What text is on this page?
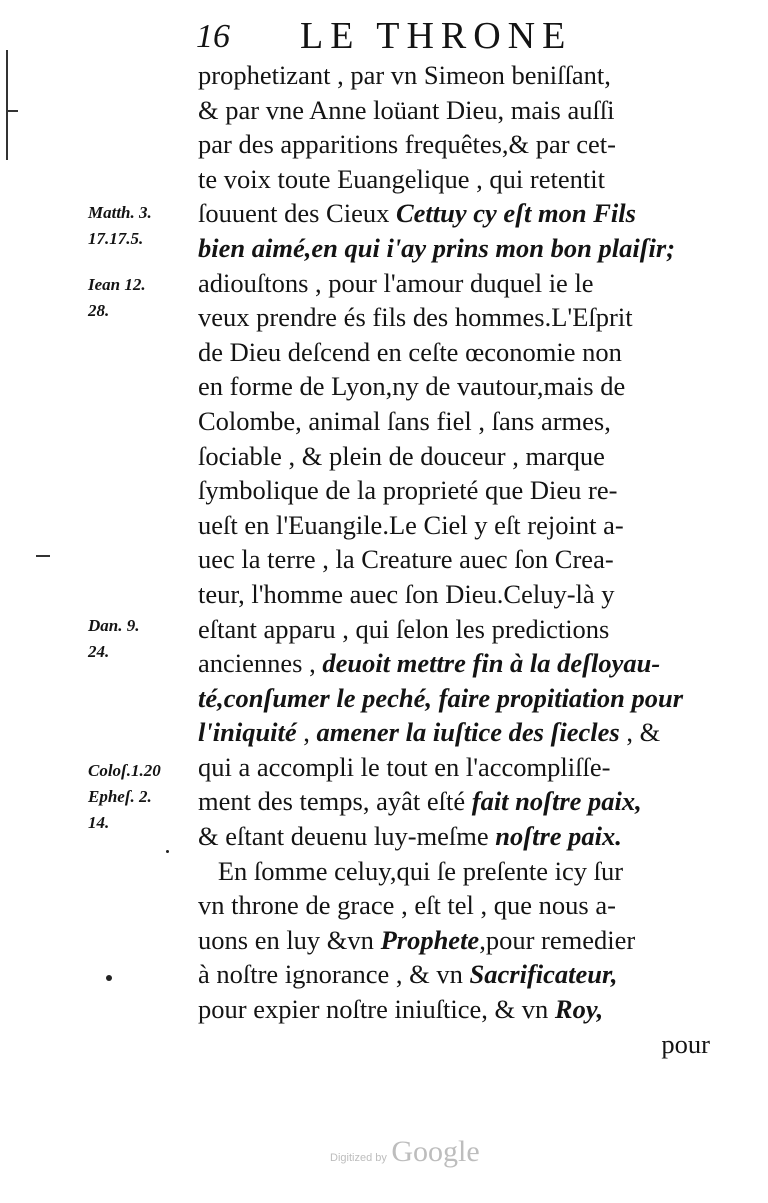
16 LE THRONE
prophetizant , par vn Simeon beniſſant,
& par vne Anne loüant Dieu, mais auſſi
par des apparitions frequêtes,& par cet-
te voix toute Euangelique , qui retentit
ſouuent des Cieux Cettuy cy eſt mon Fils
bien aimé,en qui i'ay prins mon bon plaiſir;
adiouſtons , pour l'amour duquel ie le
veux prendre és fils des hommes.L'Eſprit
de Dieu deſcend en ceſte œconomie non
en forme de Lyon,ny de vautour,mais de
Colombe, animal ſans fiel , ſans armes,
ſociable , & plein de douceur , marque
ſymbolique de la proprieté que Dieu re-
ueſt en l'Euangile.Le Ciel y eſt rejoint a-
uec la terre , la Creature auec ſon Crea-
teur, l'homme auec ſon Dieu.Celuy-là y
eſtant apparu , qui ſelon les predictions
anciennes , deuoit mettre fin à la deſloyau-
té,conſumer le peché, faire propitiation pour
l'iniquité , amener la iuſtice des ſiecles , &
qui a accompli le tout en l'accompliſſe-
ment des temps, ayât eſté fait noſtre paix,
& eſtant deuenu luy-meſme noſtre paix.
En ſomme celuy,qui ſe preſente icy ſur
vn throne de grace , eſt tel , que nous a-
uons en luy &vn Prophete,pour remedier
à noſtre ignorance , & vn Sacrificateur,
pour expier noſtre iniuſtice, & vn Roy,
pour
Matth. 3.
17.17.5.
Iean 12.
28.
Dan. 9.
24.
Coloſ.1.20
Epheſ. 2.
14.
Digitized by Google
